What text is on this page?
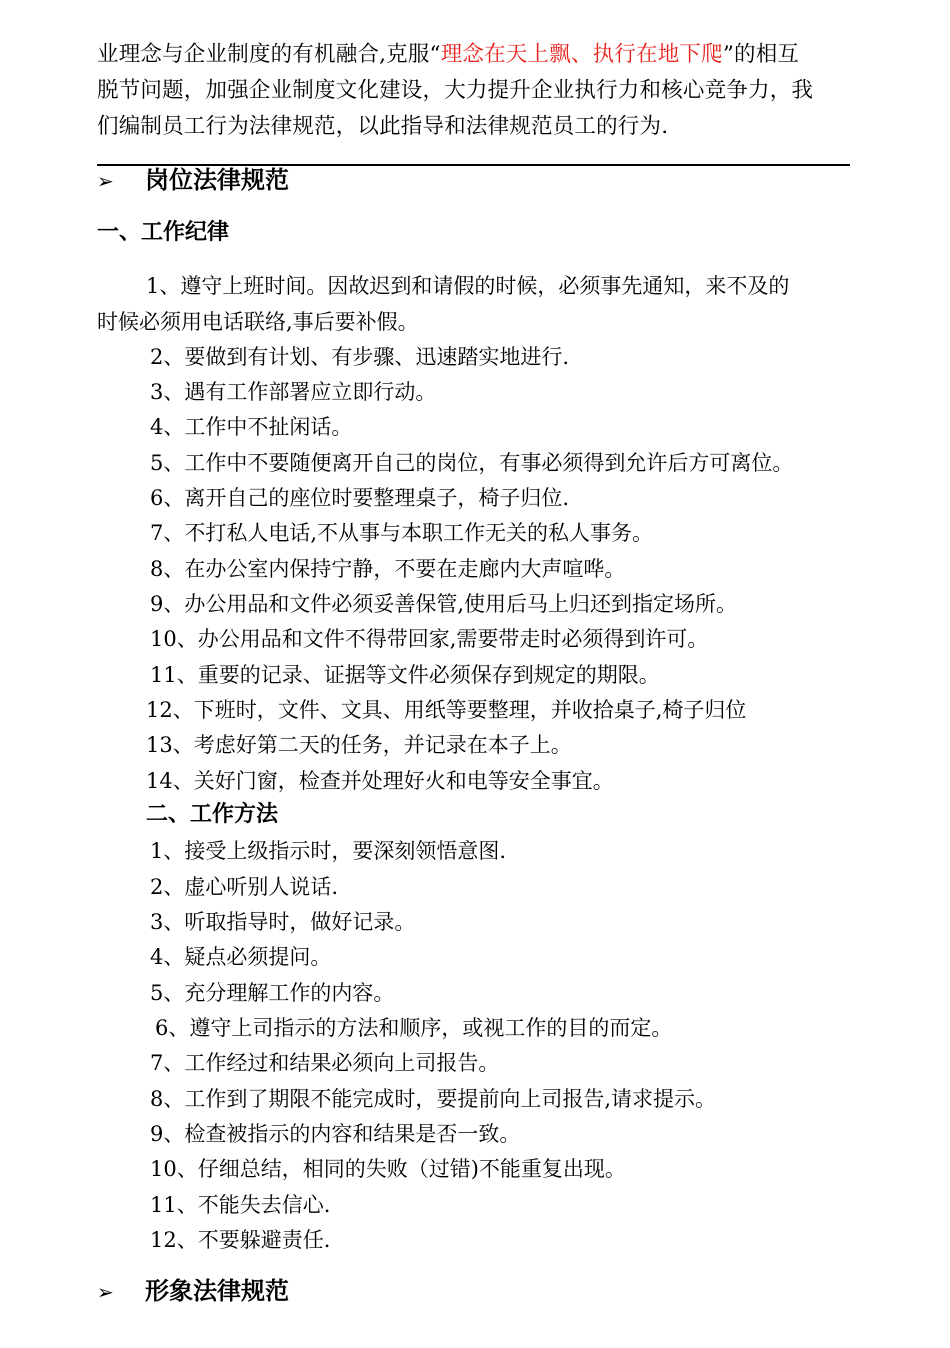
业理念与企业制度的有机融合,克服“理念在天上飘、执行在地下爬”的相互
脱节问题，加强企业制度文化建设，大力提升企业执行力和核心竞争力，我
们编制员工行为法律规范，以此指导和法律规范员工的行为.
➢ 岗位法律规范
一、工作纪律
1、遵守上班时间。因故迟到和请假的时候，必须事先通知，来不及的
时候必须用电话联络,事后要补假。
2、要做到有计划、有步骤、迅速踏实地进行.
3、遇有工作部署应立即行动。
4、工作中不扯闲话。
5、工作中不要随便离开自己的岗位，有事必须得到允许后方可离位。
6、离开自己的座位时要整理桌子，椅子归位.
7、不打私人电话,不从事与本职工作无关的私人事务。
8、在办公室内保持宁静，不要在走廊内大声喧哗。
9、办公用品和文件必须妥善保管,使用后马上归还到指定场所。
10、办公用品和文件不得带回家,需要带走时必须得到许可。
11、重要的记录、证据等文件必须保存到规定的期限。
12、下班时，文件、文具、用纸等要整理，并收拾桌子,椅子归位
13、考虑好第二天的任务，并记录在本子上。
14、关好门窗，检查并处理好火和电等安全事宜。
二、工作方法
1、接受上级指示时，要深刻领悟意图.
2、虚心听别人说话.
3、听取指导时，做好记录。
4、疑点必须提问。
5、充分理解工作的内容。
6、遵守上司指示的方法和顺序，或视工作的目的而定。
7、工作经过和结果必须向上司报告。
8、工作到了期限不能完成时，要提前向上司报告,请求提示。
9、检查被指示的内容和结果是否一致。
10、仔细总结，相同的失败（过错)不能重复出现。
11、不能失去信心.
12、不要躲避责任.
➢ 形象法律规范
